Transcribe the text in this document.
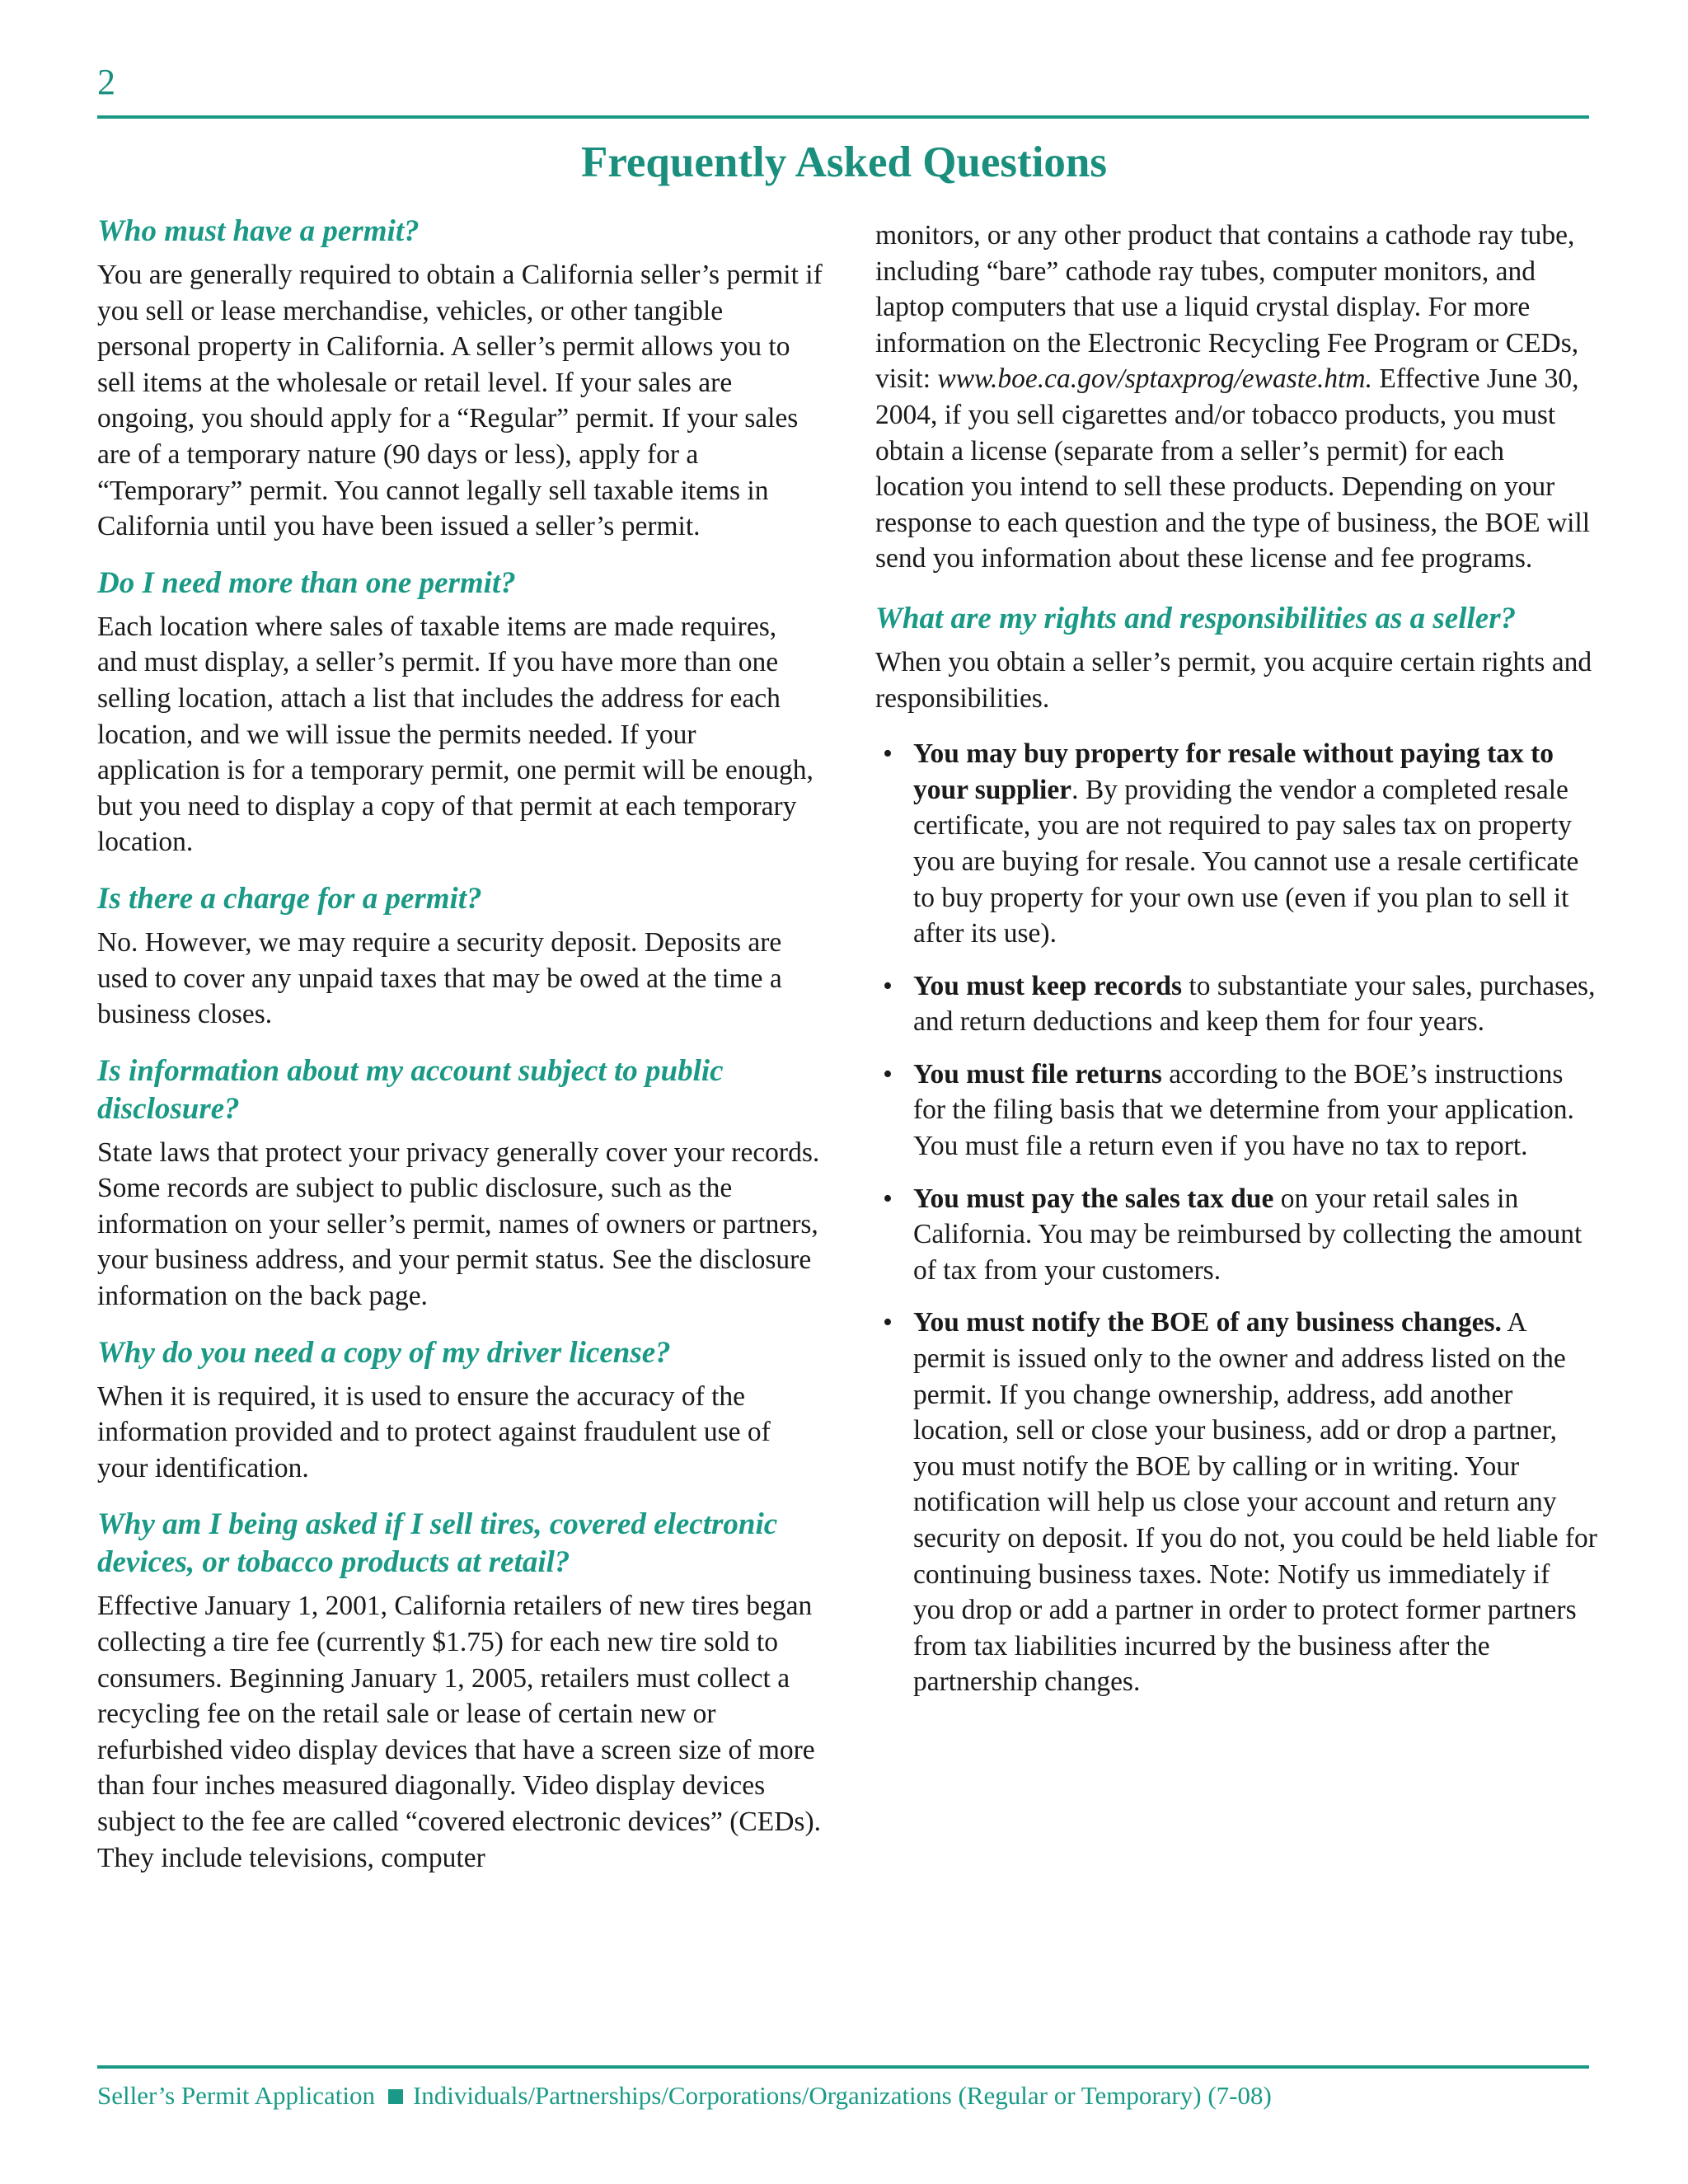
2
Frequently Asked Questions
Who must have a permit?

You are generally required to obtain a California seller’s permit if you sell or lease merchandise, vehicles, or other tangible personal property in California. A seller’s permit allows you to sell items at the wholesale or retail level. If your sales are ongoing, you should apply for a “Regular” permit. If your sales are of a temporary nature (90 days or less), apply for a “Temporary” permit. You cannot legally sell taxable items in California until you have been issued a seller’s permit.

Do I need more than one permit?

Each location where sales of taxable items are made requires, and must display, a seller’s permit. If you have more than one selling location, attach a list that includes the address for each location, and we will issue the permits needed. If your application is for a temporary permit, one permit will be enough, but you need to display a copy of that permit at each temporary location.

Is there a charge for a permit?

No. However, we may require a security deposit. Deposits are used to cover any unpaid taxes that may be owed at the time a business closes.

Is information about my account subject to public disclosure?

State laws that protect your privacy generally cover your records. Some records are subject to public disclosure, such as the information on your seller’s permit, names of owners or partners, your business address, and your permit status. See the disclosure information on the back page.

Why do you need a copy of my driver license?

When it is required, it is used to ensure the accuracy of the information provided and to protect against fraudulent use of your identification.

Why am I being asked if I sell tires, covered electronic devices, or tobacco products at retail?

Effective January 1, 2001, California retailers of new tires began collecting a tire fee (currently $1.75) for each new tire sold to consumers. Beginning January 1, 2005, retailers must collect a recycling fee on the retail sale or lease of certain new or refurbished video display devices that have a screen size of more than four inches measured diagonally. Video display devices subject to the fee are called “covered electronic devices” (CEDs). They include televisions, computer

monitors, or any other product that contains a cathode ray tube, including “bare” cathode ray tubes, computer monitors, and laptop computers that use a liquid crystal display. For more information on the Electronic Recycling Fee Program or CEDs, visit: www.boe.ca.gov/sptaxprog/ewaste.htm. Effective June 30, 2004, if you sell cigarettes and/or tobacco products, you must obtain a license (separate from a seller’s permit) for each location you intend to sell these products. Depending on your response to each question and the type of business, the BOE will send you information about these license and fee programs.

What are my rights and responsibilities as a seller?

When you obtain a seller’s permit, you acquire certain rights and responsibilities.

• You may buy property for resale without paying tax to your supplier. By providing the vendor a completed resale certificate, you are not required to pay sales tax on property you are buying for resale. You cannot use a resale certificate to buy property for your own use (even if you plan to sell it after its use).
• You must keep records to substantiate your sales, purchases, and return deductions and keep them for four years.
• You must file returns according to the BOE’s instructions for the filing basis that we determine from your application. You must file a return even if you have no tax to report.
• You must pay the sales tax due on your retail sales in California. You may be reimbursed by collecting the amount of tax from your customers.
• You must notify the BOE of any business changes. A permit is issued only to the owner and address listed on the permit. If you change ownership, address, add another location, sell or close your business, add or drop a partner, you must notify the BOE by calling or in writing. Your notification will help us close your account and return any security on deposit. If you do not, you could be held liable for continuing business taxes. Note: Notify us immediately if you drop or add a partner in order to protect former partners from tax liabilities incurred by the business after the partnership changes.
Seller’s Permit Application Individuals/Partnerships/Corporations/Organizations (Regular or Temporary) (7-08)
